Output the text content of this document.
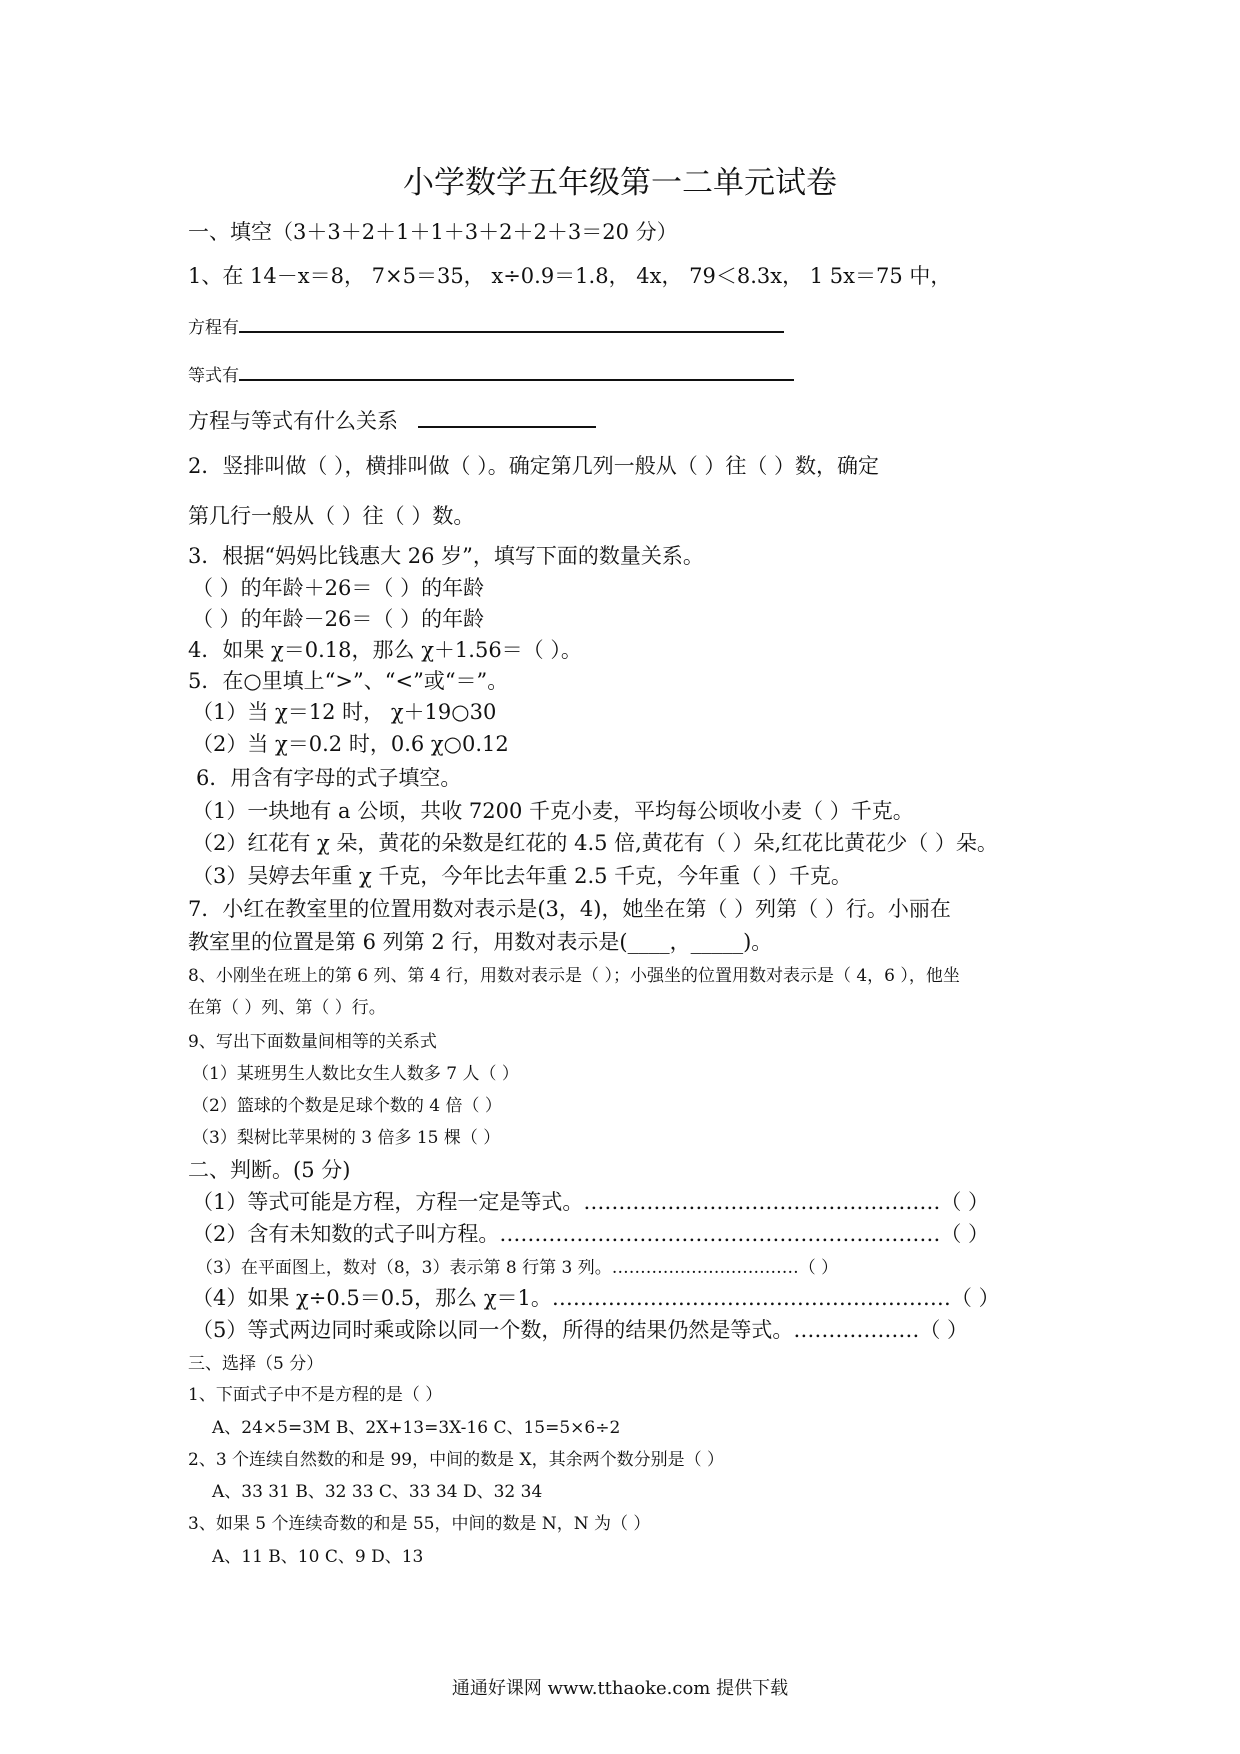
小学数学五年级第一二单元试卷
一、填空（3＋3＋2＋1＋1＋3＋2＋2＋3＝20 分）
1、在 14－x＝8， 7×5＝35， x÷0.9＝1.8， 4x， 79＜8.3x， 1 5x＝75 中，
方程有
等式有
方程与等式有什么关系
2．竖排叫做（ ），横排叫做（ ）。确定第几列一般从（ ）往（ ）数，确定
第几行一般从（ ）往（ ）数。
3．根据“妈妈比钱惠大 26 岁”，填写下面的数量关系。
（ ）的年龄＋26＝（ ）的年龄
（ ）的年龄－26＝（ ）的年龄
4．如果 χ＝0.18，那么 χ＋1.56＝（ ）。
5．在○里填上“>”、“<”或“＝”。
（1）当 χ＝12 时， χ＋19○30
（2）当 χ＝0.2 时，0.6 χ○0.12
6．用含有字母的式子填空。
（1）一块地有 a 公顷，共收 7200 千克小麦，平均每公顷收小麦（ ）千克。
（2）红花有 χ 朵，黄花的朵数是红花的 4.5 倍,黄花有（ ）朵,红花比黄花少（ ）朵。
（3）吴婷去年重 χ 千克，今年比去年重 2.5 千克，今年重（ ）千克。
7．小红在教室里的位置用数对表示是(3，4)，她坐在第（ ）列第（ ）行。小丽在
教室里的位置是第 6 列第 2 行，用数对表示是(____，_____)。
8、小刚坐在班上的第 6 列、第 4 行，用数对表示是（ ）；小强坐的位置用数对表示是（ 4，6 ），他坐
在第（ ）列、第（ ）行。
9、写出下面数量间相等的关系式
（1）某班男生人数比女生人数多 7 人（ ）
（2）篮球的个数是足球个数的 4 倍（ ）
（3）梨树比苹果树的 3 倍多 15 棵（ ）
二、判断。(5 分)
（1）等式可能是方程，方程一定是等式。……………………………………………（ ）
（2）含有未知数的式子叫方程。………………………………………………………（ ）
（3）在平面图上，数对（8，3）表示第 8 行第 3 列。……………………………（ ）
（4）如果 χ÷0.5＝0.5，那么 χ＝1。…………………………………………………（ ）
（5）等式两边同时乘或除以同一个数，所得的结果仍然是等式。………………（ ）
三、选择（5 分）
1、下面式子中不是方程的是（ ）
A、24×5=3M B、2X+13=3X-16 C、15=5×6÷2
2、3 个连续自然数的和是 99，中间的数是 X，其余两个数分别是（ ）
A、33 31 B、32 33 C、33 34 D、32 34
3、如果 5 个连续奇数的和是 55，中间的数是 N，N 为（ ）
A、11 B、10 C、9 D、13
通通好课网 www.tthaoke.com 提供下载
